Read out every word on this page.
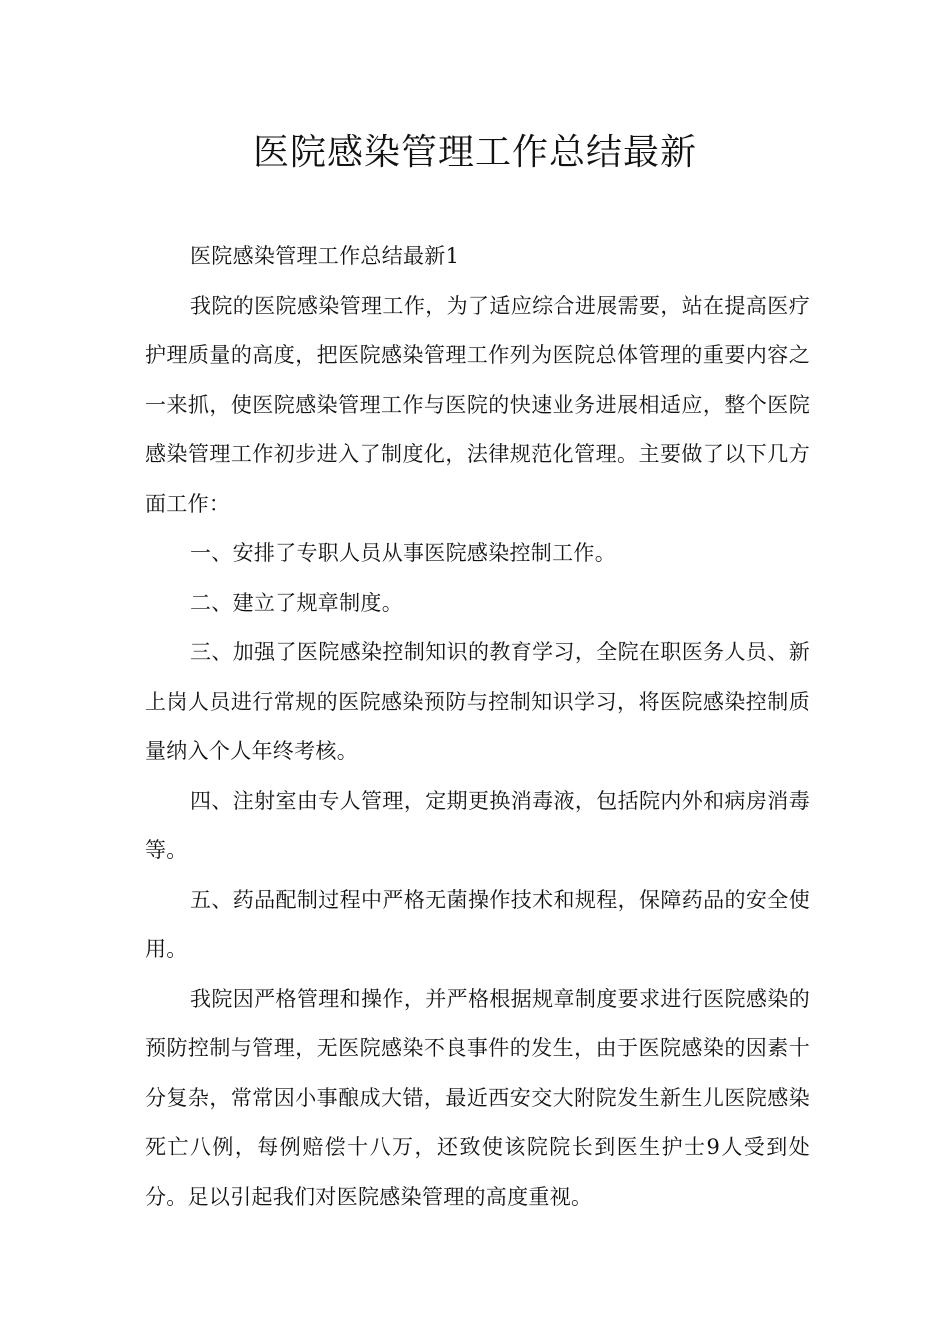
医院感染管理工作总结最新

医院感染管理工作总结最新1

我院的医院感染管理工作，为了适应综合进展需要，站在提高医疗护理质量的高度，把医院感染管理工作列为医院总体管理的重要内容之一来抓，使医院感染管理工作与医院的快速业务进展相适应，整个医院感染管理工作初步进入了制度化，法律规范化管理。主要做了以下几方面工作：

一、安排了专职人员从事医院感染控制工作。

二、建立了规章制度。

三、加强了医院感染控制知识的教育学习，全院在职医务人员、新上岗人员进行常规的医院感染预防与控制知识学习，将医院感染控制质量纳入个人年终考核。

四、注射室由专人管理，定期更换消毒液，包括院内外和病房消毒等。

五、药品配制过程中严格无菌操作技术和规程，保障药品的安全使用。

我院因严格管理和操作，并严格根据规章制度要求进行医院感染的预防控制与管理，无医院感染不良事件的发生，由于医院感染的因素十分复杂，常常因小事酿成大错，最近西安交大附院发生新生儿医院感染死亡八例，每例赔偿十八万，还致使该院院长到医生护士9人受到处分。足以引起我们对医院感染管理的高度重视。
